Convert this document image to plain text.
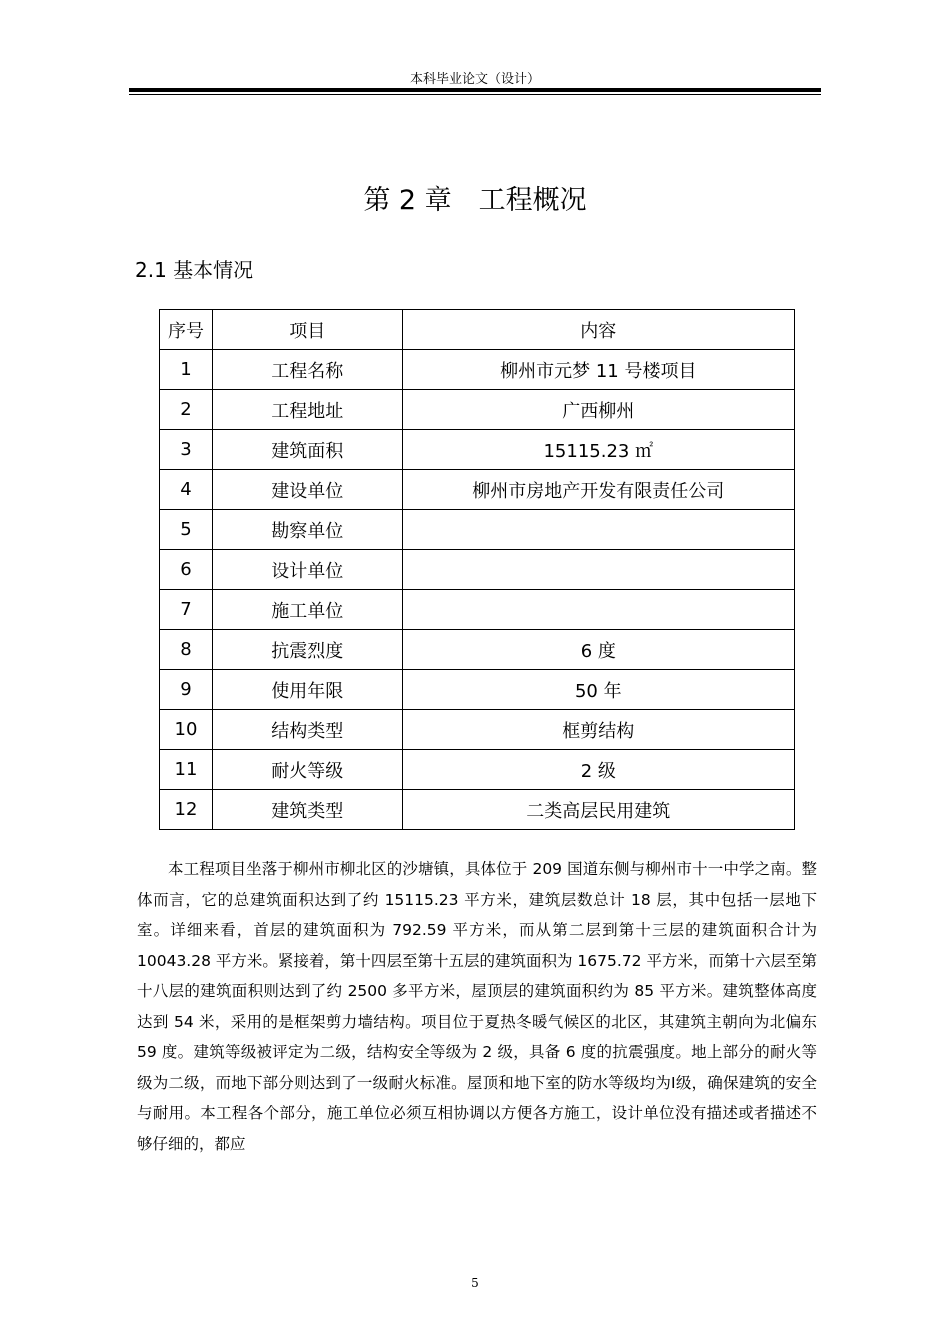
本科毕业论文（设计）
第 2 章　工程概况
2.1 基本情况
序号	项目	内容
1	工程名称	柳州市元梦 11 号楼项目
2	工程地址	广西柳州
3	建筑面积	15115.23 ㎡
4	建设单位	柳州市房地产开发有限责任公司
5	勘察单位	
6	设计单位	
7	施工单位	
8	抗震烈度	6 度
9	使用年限	50 年
10	结构类型	框剪结构
11	耐火等级	2 级
12	建筑类型	二类高层民用建筑
本工程项目坐落于柳州市柳北区的沙塘镇，具体位于 209 国道东侧与柳州市十一中学之南。整体而言，它的总建筑面积达到了约 15115.23 平方米，建筑层数总计 18 层，其中包括一层地下室。详细来看，首层的建筑面积为 792.59 平方米，而从第二层到第十三层的建筑面积合计为 10043.28 平方米。紧接着，第十四层至第十五层的建筑面积为 1675.72 平方米，而第十六层至第十八层的建筑面积则达到了约 2500 多平方米，屋顶层的建筑面积约为 85 平方米。建筑整体高度达到 54 米，采用的是框架剪力墙结构。项目位于夏热冬暖气候区的北区，其建筑主朝向为北偏东 59 度。建筑等级被评定为二级，结构安全等级为 2 级，具备 6 度的抗震强度。地上部分的耐火等级为二级，而地下部分则达到了一级耐火标准。屋顶和地下室的防水等级均为Ⅰ级，确保建筑的安全与耐用。本工程各个部分，施工单位必须互相协调以方便各方施工，设计单位没有描述或者描述不够仔细的，都应
5
